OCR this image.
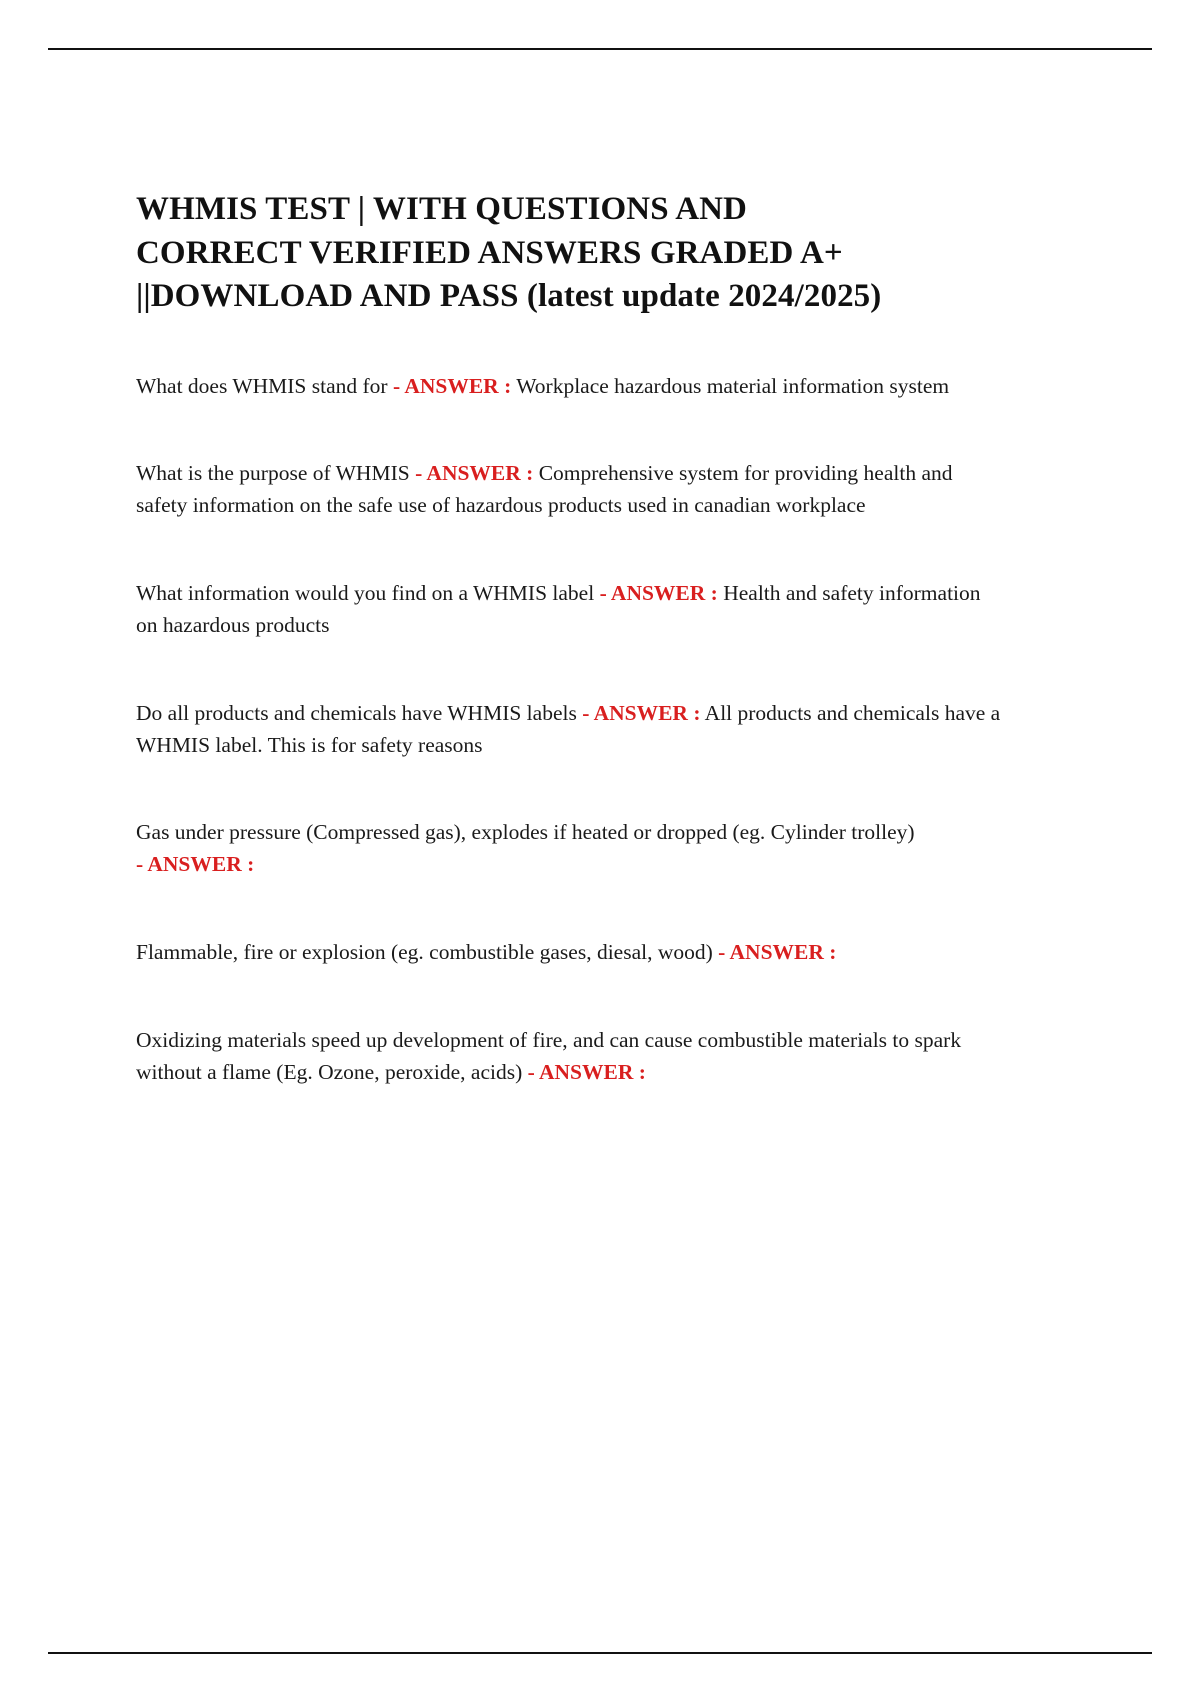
WHMIS TEST | WITH QUESTIONS AND
CORRECT VERIFIED ANSWERS GRADED A+
||DOWNLOAD AND PASS (latest update 2024/2025)

What does WHMIS stand for - ANSWER : Workplace hazardous material information system

What is the purpose of WHMIS - ANSWER : Comprehensive system for providing health and safety information on the safe use of hazardous products used in canadian workplace

What information would you find on a WHMIS label - ANSWER : Health and safety information on hazardous products

Do all products and chemicals have WHMIS labels - ANSWER : All products and chemicals have a WHMIS label. This is for safety reasons

Gas under pressure (Compressed gas), explodes if heated or dropped (eg. Cylinder trolley) - ANSWER :

Flammable, fire or explosion (eg. combustible gases, diesal, wood) - ANSWER :

Oxidizing materials speed up development of fire, and can cause combustible materials to spark without a flame (Eg. Ozone, peroxide, acids) - ANSWER :
